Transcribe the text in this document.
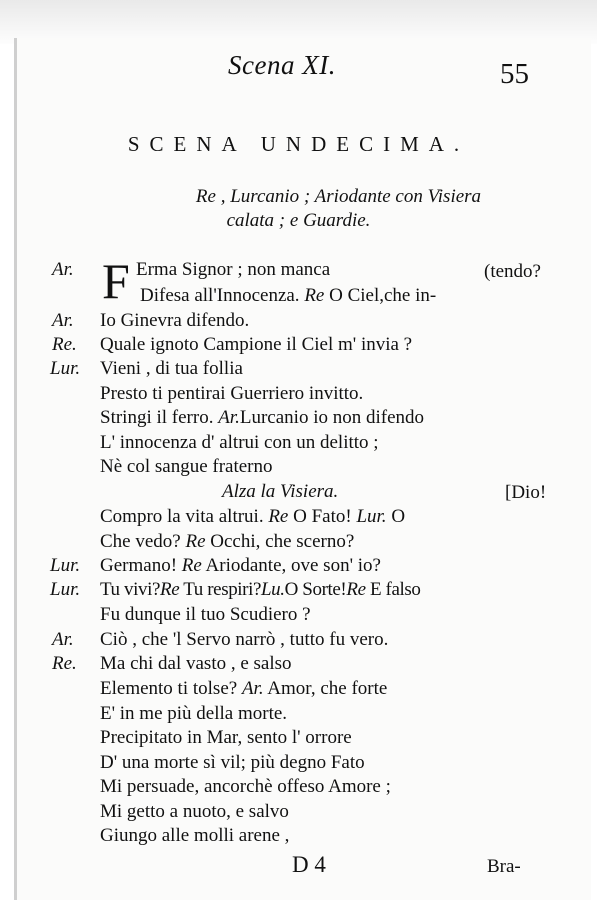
Scena XI.	55
SCENA UNDECIMA.
Re , Lurcanio ; Ariodante con Visiera
calata ; e Guardie.
Ar. F Erma Signor ; non manca	(tendo?
Difesa all'Innocenza. Re O Ciel,che in-
Ar. Io Ginevra difendo.
Re. Quale ignoto Campione il Ciel m' invia ?
Lur. Vieni , di tua follia
Presto ti pentirai Guerriero invitto.
Stringi il ferro. Ar.Lurcanio io non difendo
L' innocenza d' altrui con un delitto ;
Nè col sangue fraterno
Alza la Visiera.	[Dio!
Compro la vita altrui. Re O Fato! Lur. O
Che vedo? Re Occhi, che scerno?
Lur. Germano! Re Ariodante, ove son' io?
Lur. Tu vivi?Re Tu respiri?Lu.O Sorte!Re E falso
Fu dunque il tuo Scudiero ?
Ar. Ciò , che 'l Servo narrò , tutto fu vero.
Re. Ma chi dal vasto , e salso
Elemento ti tolse? Ar. Amor, che forte
E' in me più della morte.
Precipitato in Mar, sento l' orrore
D' una morte sì vil; più degno Fato
Mi persuade, ancorchè offeso Amore ;
Mi getto a nuoto, e salvo
Giungo alle molli arene ,
D 4	Bra-
